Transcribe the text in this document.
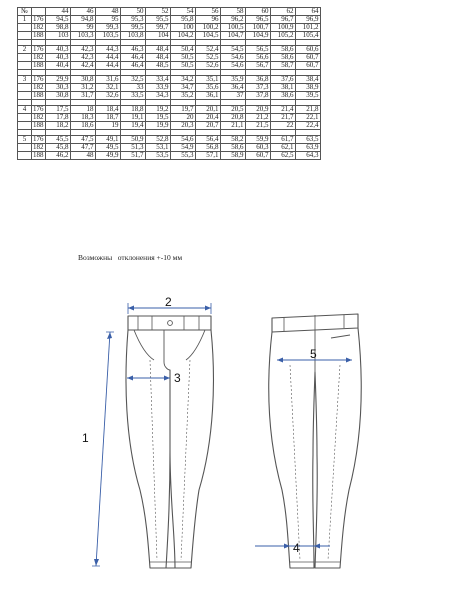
№		44	46	48	50	52	54	56	58	60	62	64
1	176	94,5	94,8	95	95,3	95,5	95,8	96	96,2	96,5	96,7	96,9
	182	98,8	99	99,3	99,5	99,7	100	100,2	100,5	100,7	100,9	101,2
	188	103	103,3	103,5	103,8	104	104,2	104,5	104,7	104,9	105,2	105,4

2	176	40,3	42,3	44,3	46,3	48,4	50,4	52,4	54,5	56,5	58,6	60,6
	182	40,3	42,3	44,4	46,4	48,4	50,5	52,5	54,6	56,6	58,6	60,7
	188	40,4	42,4	44,4	46,4	48,5	50,5	52,6	54,6	56,7	58,7	60,7

3	176	29,9	30,8	31,6	32,5	33,4	34,2	35,1	35,9	36,8	37,6	38,4
	182	30,3	31,2	32,1	33	33,9	34,7	35,6	36,4	37,3	38,1	38,9
	188	30,8	31,7	32,6	33,5	34,3	35,2	36,1	37	37,8	38,6	39,5

4	176	17,5	18	18,4	18,8	19,2	19,7	20,1	20,5	20,9	21,4	21,8
	182	17,8	18,3	18,7	19,1	19,5	20	20,4	20,8	21,2	21,7	22,1
	188	18,2	18,6	19	19,4	19,9	20,3	20,7	21,1	21,5	22	22,4

5	176	45,5	47,5	49,1	50,9	52,8	54,6	56,4	58,2	59,9	61,7	63,5
	182	45,8	47,7	49,5	51,3	53,1	54,9	56,8	58,6	60,3	62,1	63,9
	188	46,2	48	49,9	51,7	53,5	55,3	57,1	58,9	60,7	62,5	64,3
Возможны   отклонения +-10 мм
1
2
3
5
4
